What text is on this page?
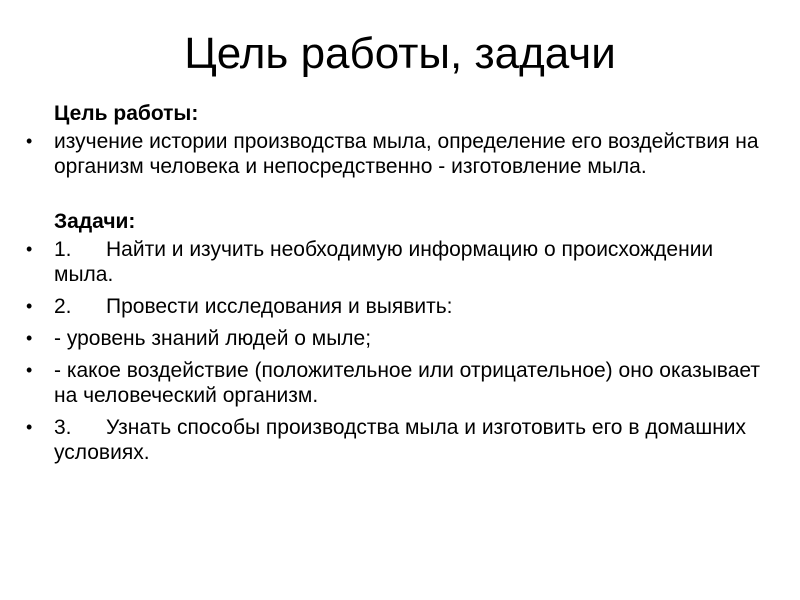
Цель работы, задачи
Цель работы:
• изучение истории производства мыла, определение его воздействия на организм человека и непосредственно - изготовление мыла.
Задачи:
• 1. Найти и изучить необходимую информацию о происхождении мыла.
• 2. Провести исследования и выявить:
• - уровень знаний людей о мыле;
• - какое воздействие (положительное или отрицательное) оно оказывает на человеческий организм.
• 3. Узнать способы производства мыла и изготовить его в домашних условиях.
